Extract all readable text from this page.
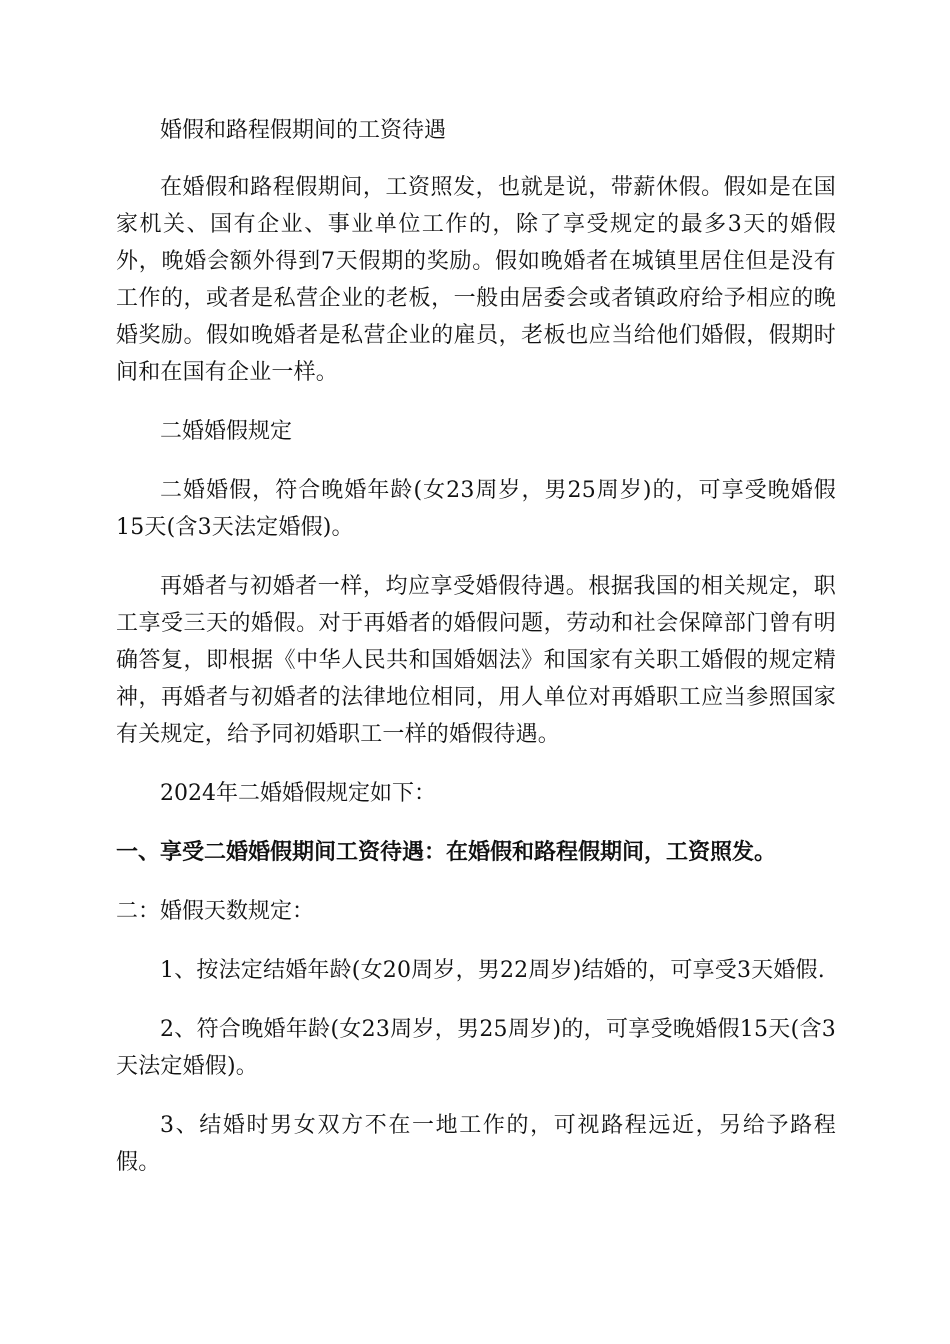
婚假和路程假期间的工资待遇

在婚假和路程假期间，工资照发，也就是说，带薪休假。假如是在国家机关、国有企业、事业单位工作的，除了享受规定的最多3天的婚假外，晚婚会额外得到7天假期的奖励。假如晚婚者在城镇里居住但是没有工作的，或者是私营企业的老板，一般由居委会或者镇政府给予相应的晚婚奖励。假如晚婚者是私营企业的雇员，老板也应当给他们婚假，假期时间和在国有企业一样。

二婚婚假规定

二婚婚假，符合晚婚年龄(女23周岁，男25周岁)的，可享受晚婚假15天(含3天法定婚假)。

再婚者与初婚者一样，均应享受婚假待遇。根据我国的相关规定，职工享受三天的婚假。对于再婚者的婚假问题，劳动和社会保障部门曾有明确答复，即根据《中华人民共和国婚姻法》和国家有关职工婚假的规定精神，再婚者与初婚者的法律地位相同，用人单位对再婚职工应当参照国家有关规定，给予同初婚职工一样的婚假待遇。

2024年二婚婚假规定如下：

一、享受二婚婚假期间工资待遇：在婚假和路程假期间，工资照发。

二：婚假天数规定：

1、按法定结婚年龄(女20周岁，男22周岁)结婚的，可享受3天婚假.

2、符合晚婚年龄(女23周岁，男25周岁)的，可享受晚婚假15天(含3天法定婚假)。

3、结婚时男女双方不在一地工作的，可视路程远近，另给予路程假。
